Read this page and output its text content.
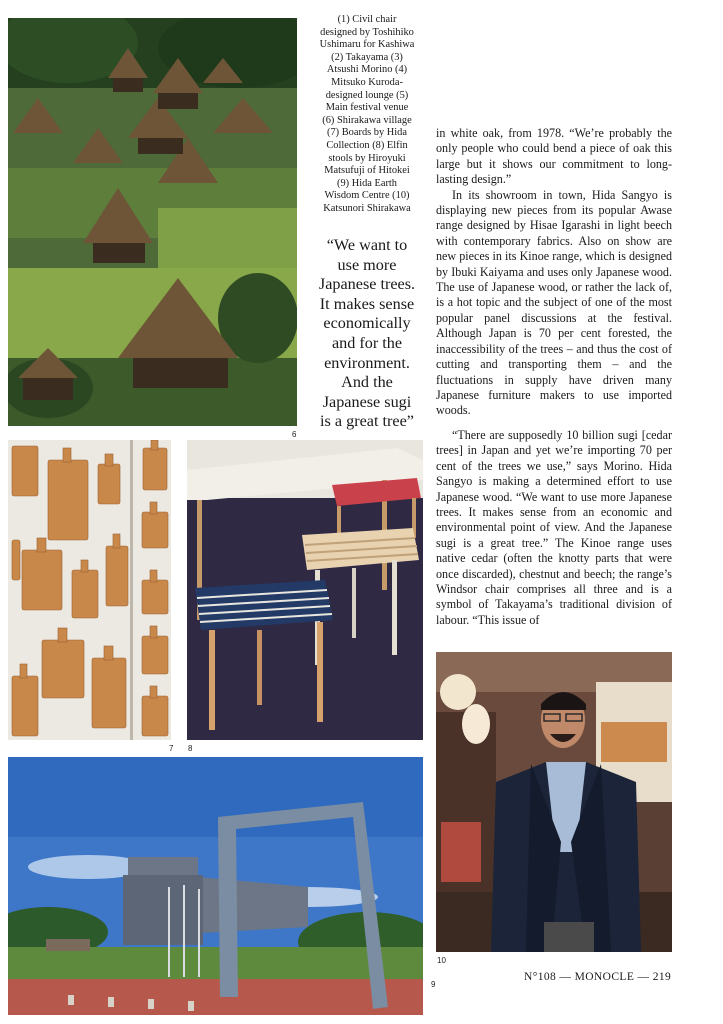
6
(1) Civil chair
designed by Toshihiko
Ushimaru for Kashiwa
(2) Takayama (3)
Atsushi Morino (4)
Mitsuko Kuroda-
designed lounge (5)
Main festival venue
(6) Shirakawa village
(7) Boards by Hida
Collection (8) Elfin
stools by Hiroyuki
Matsufuji of Hitokei
(9) Hida Earth
Wisdom Centre (10)
Katsunori Shirakawa
“We want to
use more
Japanese trees.
It makes sense
economically
and for the
environment.
And the
Japanese sugi
is a great tree”

in white oak, from 1978. “We’re probably the only people who could bend a piece of oak this large but it shows our commitment to long-lasting design.”

In its showroom in town, Hida Sangyo is displaying new pieces from its popular Awase range designed by Hisae Igarashi in light beech with contemporary fabrics. Also on show are new pieces in its Kinoe range, which is designed by Ibuki Kaiyama and uses only Japanese wood. The use of Japanese wood, or rather the lack of, is a hot topic and the subject of one of the most popular panel discussions at the festival. Although Japan is 70 per cent forested, the inaccessibility of the trees – and thus the cost of cutting and transporting them – and the fluctuations in supply have driven many Japanese furniture makers to use imported woods.

“There are supposedly 10 billion sugi [cedar trees] in Japan and yet we’re importing 70 per cent of the trees we use,” says Morino. Hida Sangyo is making a determined effort to use Japanese wood. “We want to use more Japanese trees. It makes sense from an economic and environmental point of view. And the Japanese sugi is a great tree.” The Kinoe range uses native cedar (often the knotty parts that were once discarded), chestnut and beech; the range’s Windsor chair comprises all three and is a symbol of Takayama’s traditional division of labour. “This issue of

7 8
9
10
N°108 — MONOCLE — 219
